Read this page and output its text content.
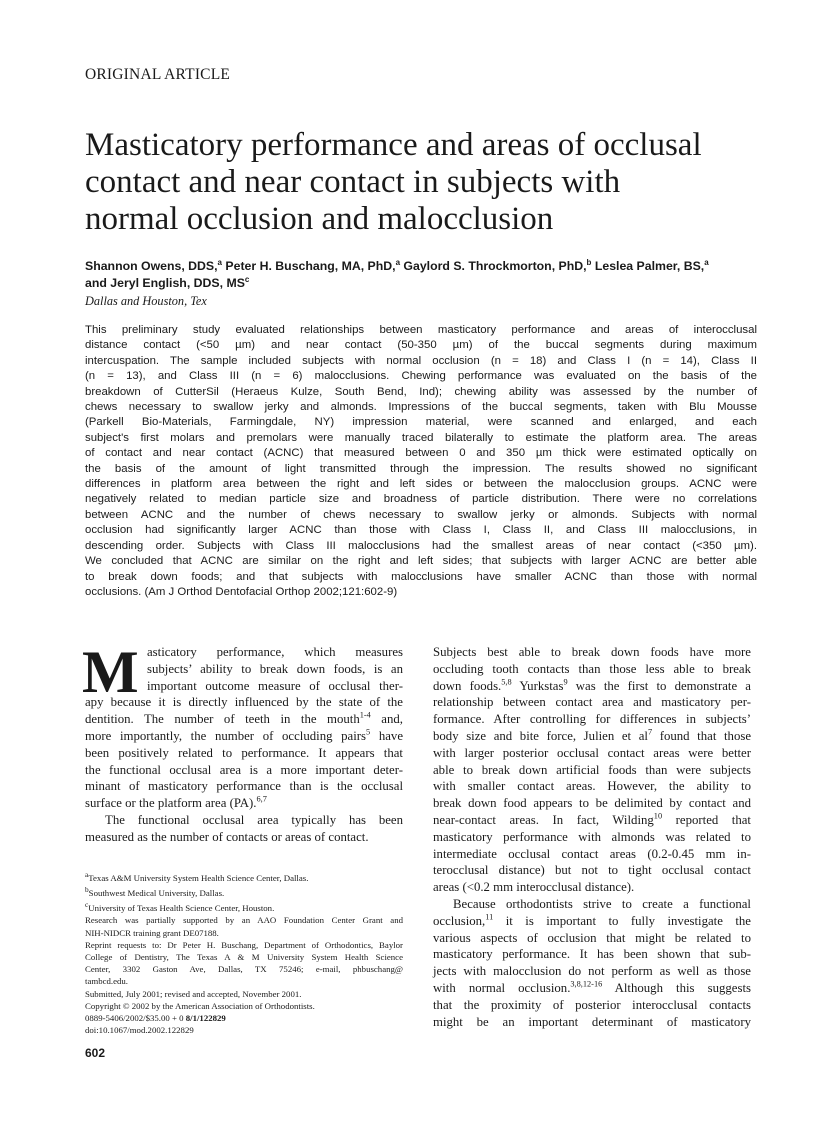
ORIGINAL ARTICLE
Masticatory performance and areas of occlusal
contact and near contact in subjects with
normal occlusion and malocclusion
Shannon Owens, DDS,$^a$ Peter H. Buschang, MA, PhD,$^a$ Gaylord S. Throckmorton, PhD,$^b$ Leslea Palmer, BS,$^a$
and Jeryl English, DDS, $MS^c$
Dallas and Houston, Tex
This preliminary study evaluated relationships between masticatory performance and areas of interocclusal
distance contact (<50 µm) and near contact (50-350 µm) of the buccal segments during maximum
intercuspation. The sample included subjects with normal occlusion (n = 18) and Class I (n = 14), Class II
(n = 13), and Class III (n = 6) malocclusions. Chewing performance was evaluated on the basis of the
breakdown of CutterSil (Heraeus Kulze, South Bend, Ind); chewing ability was assessed by the number of
chews necessary to swallow jerky and almonds. Impressions of the buccal segments, taken with Blu Mousse
(Parkell Bio-Materials, Farmingdale, NY) impression material, were scanned and enlarged, and each
subject's first molars and premolars were manually traced bilaterally to estimate the platform area. The areas
of contact and near contact (ACNC) that measured between 0 and 350 µm thick were estimated optically on
the basis of the amount of light transmitted through the impression. The results showed no significant
differences in platform area between the right and left sides or between the malocclusion groups. ACNC were
negatively related to median particle size and broadness of particle distribution. There were no correlations
between ACNC and the number of chews necessary to swallow jerky or almonds. Subjects with normal
occlusion had significantly larger ACNC than those with Class I, Class II, and Class III malocclusions, in
descending order. Subjects with Class III malocclusions had the smallest areas of near contact (<350 µm).
We concluded that ACNC are similar on the right and left sides; that subjects with larger ACNC are better able
to break down foods; and that subjects with malocclusions have smaller ACNC than those with normal
occlusions. (Am J Orthod Dentofacial Orthop 2002;121:602-9)
M asticatory performance, which measures
subjects’ ability to break down foods, is an
important outcome measure of occlusal ther-
apy because it is directly influenced by the state of the
dentition. The number of teeth in the mouth$^{1-4}$ and,
more importantly, the number of occluding pairs$^5$ have
been positively related to performance. It appears that
the functional occlusal area is a more important deter-
minant of masticatory performance than is the occlusal
surface or the platform area (PA).$^{6,7}$
The functional occlusal area typically has been
measured as the number of contacts or areas of contact.
Subjects best able to break down foods have more
occluding tooth contacts than those less able to break
down foods.$^{5,8}$ Yurkstas$^9$ was the first to demonstrate a
relationship between contact area and masticatory per-
formance. After controlling for differences in subjects’
body size and bite force, Julien et $al^7$ found that those
with larger posterior occlusal contact areas were better
able to break down artificial foods than were subjects
with smaller contact areas. However, the ability to
break down food appears to be delimited by contact and
near-contact areas. In fact, Wilding$^{10}$ reported that
masticatory performance with almonds was related to
intermediate occlusal contact areas (0.2-0.45 mm in-
terocclusal distance) but not to tight occlusal contact
areas (<0.2 mm interocclusal distance).
Because orthodontists strive to create a functional
occlusion,$^{11}$ it is important to fully investigate the
various aspects of occlusion that might be related to
masticatory performance. It has been shown that sub-
jects with malocclusion do not perform as well as those
with normal occlusion.$^{3,8,12-16}$ Although this suggests
that the proximity of posterior interocclusal contacts
might be an important determinant of masticatory
$^a$Texas A&M University System Health Science Center, Dallas.
$^b$Southwest Medical University, Dallas.
$^c$University of Texas Health Science Center, Houston.
Research was partially supported by an AAO Foundation Center Grant and
NIH-NIDCR training grant DE07188.
Reprint requests to: Dr Peter H. Buschang, Department of Orthodontics, Baylor
College of Dentistry, The Texas A & M University System Health Science
Center, 3302 Gaston Ave, Dallas, TX 75246; e-mail, phbuschang@
tambcd.edu.
Submitted, July 2001; revised and accepted, November 2001.
Copyright © 2002 by the American Association of Orthodontists.
0889-5406/2002/$35.00 + 0 8/1/122829
doi:10.1067/mod.2002.122829
602
